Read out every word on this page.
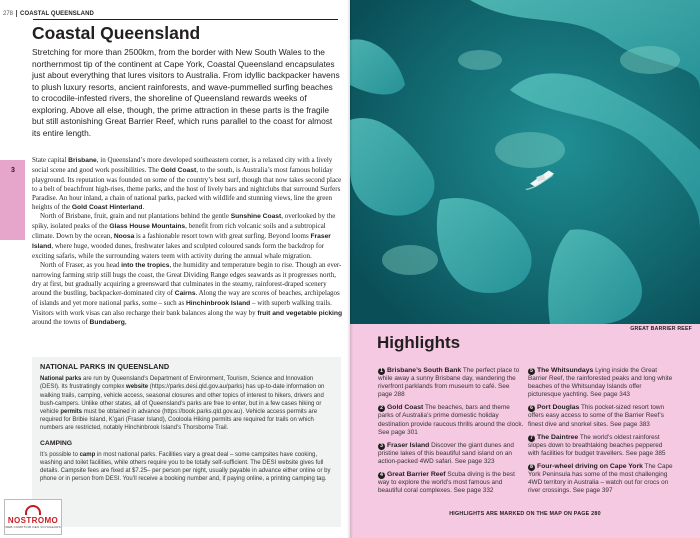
278 COASTAL QUEENSLAND
Coastal Queensland

Stretching for more than 2500km, from the border with New South Wales to the northernmost tip of the continent at Cape York, Coastal Queensland encapsulates just about everything that lures visitors to Australia. From idyllic backpacker havens to plush luxury resorts, ancient rainforests, and wave-pummelled surfing beaches to crocodile-infested rivers, the shoreline of Queensland rewards weeks of exploring. Above all else, though, the prime attraction in these parts is the fragile but still astonishing Great Barrier Reef, which runs parallel to the coast for almost its entire length.

3

State capital Brisbane, in Queensland’s more developed southeastern corner, is a relaxed city with a lively social scene and good work possibilities. The Gold Coast, to the south, is Australia’s most famous holiday playground. Its reputation was founded on some of the country’s best surf, though that now takes second place to a belt of beachfront high-rises, theme parks, and the host of lively bars and nightclubs that surround Surfers Paradise. An hour inland, a chain of national parks, packed with wildlife and stunning views, line the green heights of the Gold Coast Hinterland.

North of Brisbane, fruit, grain and nut plantations behind the gentle Sunshine Coast, overlooked by the spiky, isolated peaks of the Glass House Mountains, benefit from rich volcanic soils and a subtropical climate. Down by the ocean, Noosa is a fashionable resort town with great surfing. Beyond looms Fraser Island, where huge, wooded dunes, freshwater lakes and sculpted coloured sands form the backdrop for exciting safaris, while the surrounding waters teem with activity during the annual whale migration.

North of Fraser, as you head into the tropics, the humidity and temperature begin to rise. Though an ever-narrowing farming strip still hugs the coast, the Great Dividing Range edges seawards as it progresses north, dry at first, but gradually acquiring a greensward that culminates in the steamy, rainforest-draped scenery around the bustling, backpacker-dominated city of Cairns. Along the way are scores of beaches, archipelagos of islands and yet more national parks, some – such as Hinchinbrook Island – with superb walking trails. Visitors with work visas can also recharge their bank balances along the way by fruit and vegetable picking around the towns of Bundaberg,

NATIONAL PARKS IN QUEENSLAND

National parks are run by Queensland’s Department of Environment, Tourism, Science and Innovation (DESI). Its frustratingly complex website (https://parks.desi.qld.gov.au/parks) has up-to-date information on walking trails, camping, vehicle access, seasonal closures and other topics of interest to hikers, drivers and bush-campers. Unlike other states, all of Queensland’s parks are free to enter, but in a few cases hiking or vehicle permits must be obtained in advance (https://book.parks.qld.gov.au). Vehicle access permits are required for Bribie Island, K’gari (Fraser Island), Cooloola Hiking permits are required for trails on which numbers are restricted, notably Hinchinbrook Island’s Thorsborne Trail.

CAMPING

It’s possible to camp in most national parks. Facilities vary a great deal – some campsites have cooking, washing and toilet facilities, while others require you to be totally self-sufficient. The DESI website gives full details. Campsite fees are fixed at $7.25– per person per night, usually payable in advance either online or by phone or in person from DESI. You’ll receive a booking number and, if paying online, a printing camping tag.

NOSTROMO
WEB COMPTOIR DES VOYAGEURS
GREAT BARRIER REEF
Highlights
1 Brisbane’s South Bank The perfect place to while away a sunny Brisbane day, wandering the riverfront parklands from museum to café. See page 288
2 Gold Coast The beaches, bars and theme parks of Australia’s prime domestic holiday destination provide raucous thrills around the clock. See page 301
3 Fraser Island Discover the giant dunes and pristine lakes of this beautiful sand island on an action-packed 4WD safari. See page 323
4 Great Barrier Reef Scuba diving is the best way to explore the world’s most famous and beautiful coral complexes. See page 332
5 The Whitsundays Lying inside the Great Barrier Reef, the rainforested peaks and long white beaches of the Whitsunday Islands offer picturesque yachting. See page 343
6 Port Douglas This pocket-sized resort town offers easy access to some of the Barrier Reef’s finest dive and snorkel sites. See page 383
7 The Daintree The world’s oldest rainforest slopes down to breathtaking beaches peppered with facilities for budget travellers. See page 385
8 Four-wheel driving on Cape York The Cape York Peninsula has some of the most challenging 4WD territory in Australia – watch out for crocs on river crossings. See page 397
HIGHLIGHTS ARE MARKED ON THE MAP ON PAGE 280
